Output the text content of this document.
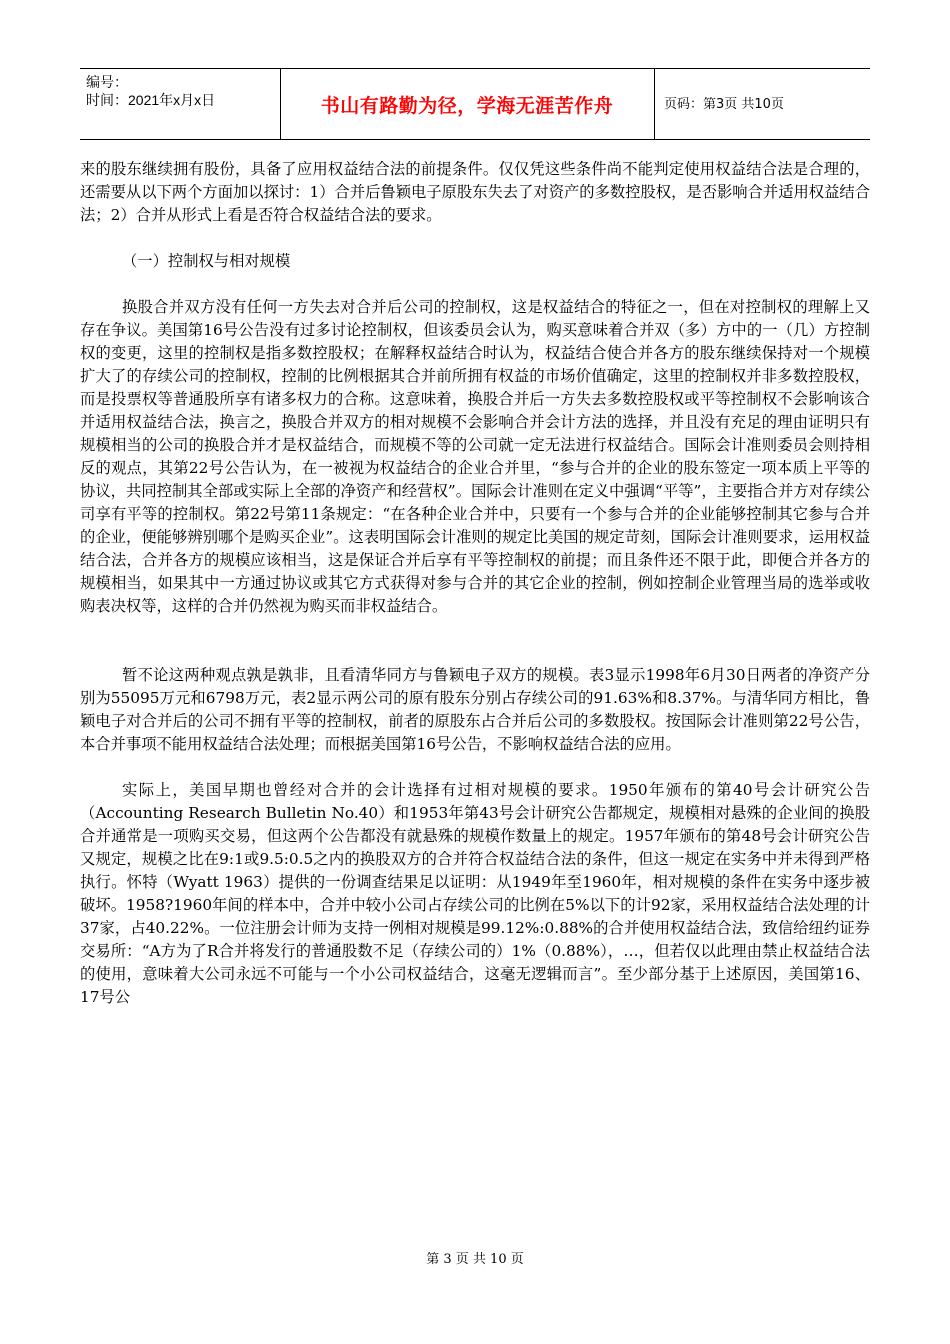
编号：
时间：2021年x月x日	书山有路勤为径，学海无涯苦作舟	页码：第3页 共10页

来的股东继续拥有股份，具备了应用权益结合法的前提条件。仅仅凭这些条件尚不能判定使用权益结合法是合理的，还需要从以下两个方面加以探讨：1）合并后鲁颖电子原股东失去了对资产的多数控股权，是否影响合并适用权益结合法；2）合并从形式上看是否符合权益结合法的要求。

（一）控制权与相对规模

换股合并双方没有任何一方失去对合并后公司的控制权，这是权益结合的特征之一，但在对控制权的理解上又存在争议。美国第16号公告没有过多讨论控制权，但该委员会认为，购买意味着合并双（多）方中的一（几）方控制权的变更，这里的控制权是指多数控股权；在解释权益结合时认为，权益结合使合并各方的股东继续保持对一个规模扩大了的存续公司的控制权，控制的比例根据其合并前所拥有权益的市场价值确定，这里的控制权并非多数控股权，而是投票权等普通股所享有诸多权力的合称。这意味着，换股合并后一方失去多数控股权或平等控制权不会影响该合并适用权益结合法，换言之，换股合并双方的相对规模不会影响合并会计方法的选择，并且没有充足的理由证明只有规模相当的公司的换股合并才是权益结合，而规模不等的公司就一定无法进行权益结合。国际会计准则委员会则持相反的观点，其第22号公告认为，在一被视为权益结合的企业合并里，“参与合并的企业的股东签定一项本质上平等的协议，共同控制其全部或实际上全部的净资产和经营权”。国际会计准则在定义中强调“平等”，主要指合并方对存续公司享有平等的控制权。第22号第11条规定：“在各种企业合并中，只要有一个参与合并的企业能够控制其它参与合并的企业，便能够辨别哪个是购买企业”。这表明国际会计准则的规定比美国的规定苛刻，国际会计准则要求，运用权益结合法，合并各方的规模应该相当，这是保证合并后享有平等控制权的前提；而且条件还不限于此，即便合并各方的规模相当，如果其中一方通过协议或其它方式获得对参与合并的其它企业的控制，例如控制企业管理当局的选举或收购表决权等，这样的合并仍然视为购买而非权益结合。

暂不论这两种观点孰是孰非，且看清华同方与鲁颖电子双方的规模。表3显示1998年6月30日两者的净资产分别为55095万元和6798万元，表2显示两公司的原有股东分别占存续公司的91.63%和8.37%。与清华同方相比，鲁颖电子对合并后的公司不拥有平等的控制权，前者的原股东占合并后公司的多数股权。按国际会计准则第22号公告，本合并事项不能用权益结合法处理；而根据美国第16号公告，不影响权益结合法的应用。

实际上，美国早期也曾经对合并的会计选择有过相对规模的要求。1950年颁布的第40号会计研究公告（Accounting Research Bulletin No.40）和1953年第43号会计研究公告都规定，规模相对悬殊的企业间的换股合并通常是一项购买交易，但这两个公告都没有就悬殊的规模作数量上的规定。1957年颁布的第48号会计研究公告又规定，规模之比在9:1或9.5:0.5之内的换股双方的合并符合权益结合法的条件，但这一规定在实务中并未得到严格执行。怀特（Wyatt 1963）提供的一份调查结果足以证明：从1949年至1960年，相对规模的条件在实务中逐步被破坏。1958?1960年间的样本中，合并中较小公司占存续公司的比例在5%以下的计92家，采用权益结合法处理的计37家，占40.22%。一位注册会计师为支持一例相对规模是99.12%:0.88%的合并使用权益结合法，致信给纽约证券交易所：“A方为了R合并将发行的普通股数不足（存续公司的）1%（0.88%），…，但若仅以此理由禁止权益结合法的使用，意味着大公司永远不可能与一个小公司权益结合，这毫无逻辑而言”。至少部分基于上述原因，美国第16、17号公

第 3 页 共 10 页
